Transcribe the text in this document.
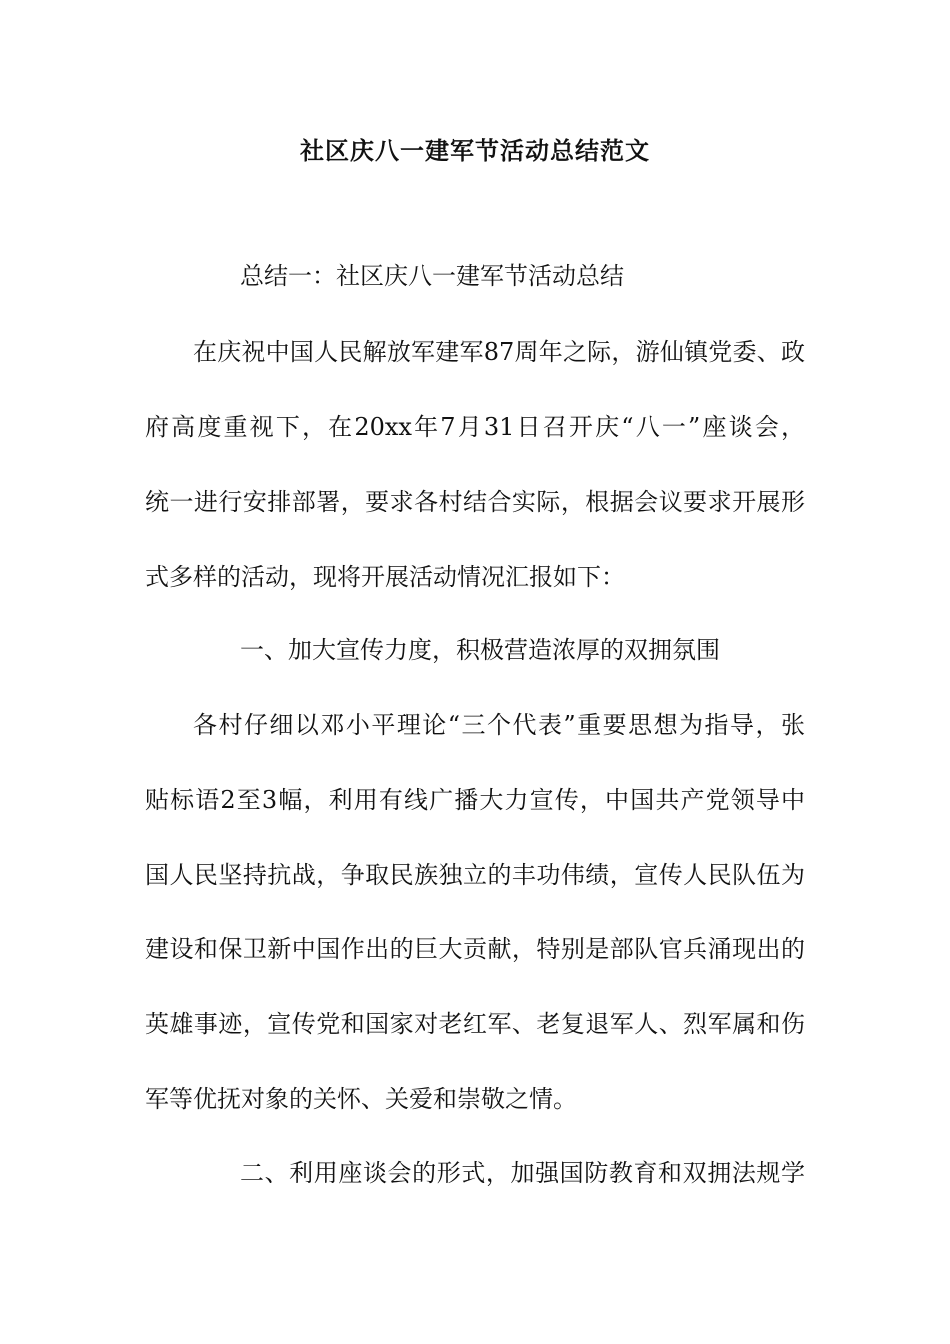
社区庆八一建军节活动总结范文

总结一：社区庆八一建军节活动总结

在庆祝中国人民解放军建军87周年之际，游仙镇党委、政

府高度重视下，在20xx年7月31日召开庆“八一”座谈会，

统一进行安排部署，要求各村结合实际，根据会议要求开展形

式多样的活动，现将开展活动情况汇报如下：

一、加大宣传力度，积极营造浓厚的双拥氛围

各村仔细以邓小平理论“三个代表”重要思想为指导，张

贴标语2至3幅，利用有线广播大力宣传，中国共产党领导中

国人民坚持抗战，争取民族独立的丰功伟绩，宣传人民队伍为

建设和保卫新中国作出的巨大贡献，特别是部队官兵涌现出的

英雄事迹，宣传党和国家对老红军、老复退军人、烈军属和伤

军等优抚对象的关怀、关爱和崇敬之情。

二、利用座谈会的形式，加强国防教育和双拥法规学
